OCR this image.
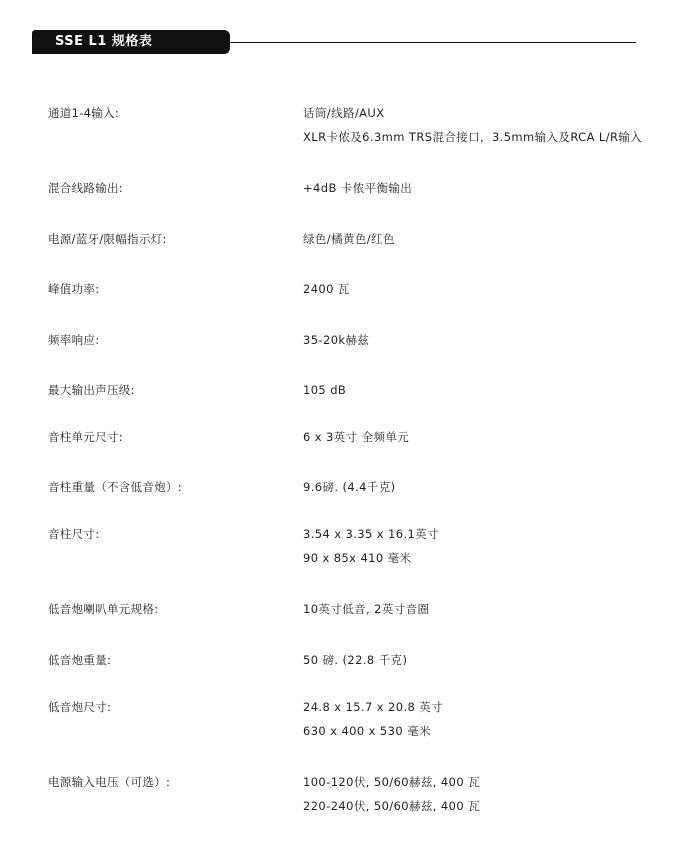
SSE L1 规格表
通道1-4输入:	话筒/线路/AUX
XLR卡侬及6.3mm TRS混合接口，3.5mm输入及RCA L/R输入
混合线路输出:	+4dB 卡侬平衡输出
电源/蓝牙/限幅指示灯:	绿色/橘黄色/红色
峰值功率:	2400 瓦
频率响应:	35-20k赫兹
最大输出声压级:	105 dB
音柱单元尺寸:	6 x 3英寸 全频单元
音柱重量（不含低音炮）:	9.6磅. (4.4千克)
音柱尺寸:	3.54 x 3.35 x 16.1英寸
90 x 85x 410 毫米
低音炮喇叭单元规格:	10英寸低音, 2英寸音圈
低音炮重量:	50 磅. (22.8 千克)
低音炮尺寸:	24.8 x 15.7 x 20.8 英寸
630 x 400 x 530 毫米
电源输入电压（可选）:	100-120伏, 50/60赫兹, 400 瓦
220-240伏, 50/60赫兹, 400 瓦
